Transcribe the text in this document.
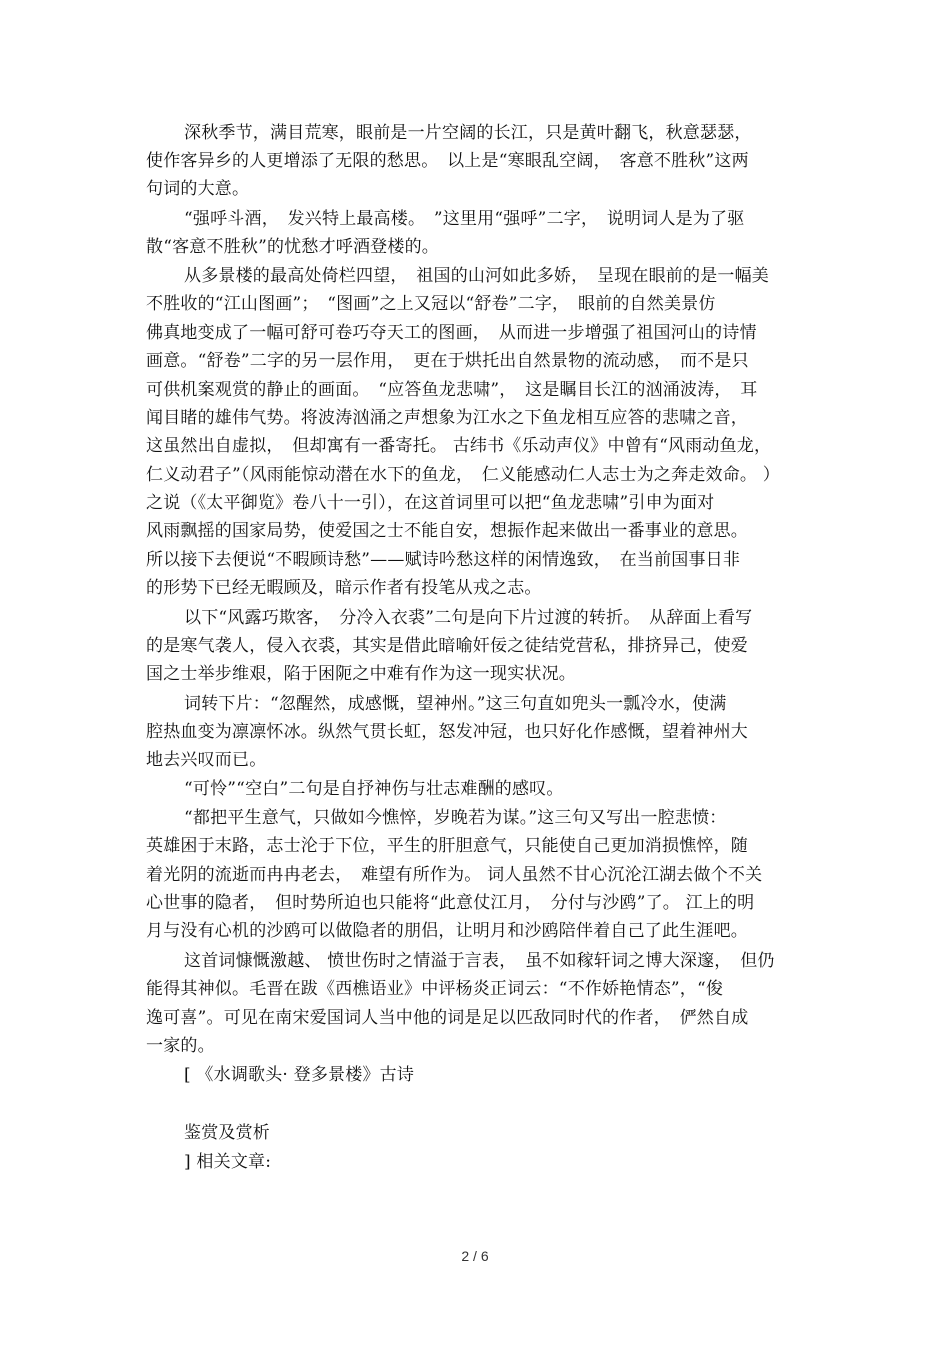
深秋季节，满目荒寒，眼前是一片空阔的长江，只是黄叶翻飞，秋意瑟瑟，
使作客异乡的人更增添了无限的愁思。　以上是“寒眼乱空阔，　客意不胜秋”这两
句词的大意。
“强呼斗酒，　发兴特上最高楼。　”这里用“强呼”二字，　说明词人是为了驱
散“客意不胜秋”的忧愁才呼酒登楼的。
从多景楼的最高处倚栏四望，　祖国的山河如此多娇，　呈现在眼前的是一幅美
不胜收的“江山图画”；　“图画”之上又冠以“舒卷”二字，　眼前的自然美景仿
佛真地变成了一幅可舒可卷巧夺天工的图画，　从而进一步增强了祖国河山的诗情
画意。“舒卷”二字的另一层作用，　更在于烘托出自然景物的流动感，　而不是只
可供机案观赏的静止的画面。　“应答鱼龙悲啸”，　这是瞩目长江的汹涌波涛，　耳
闻目睹的雄伟气势。将波涛汹涌之声想象为江水之下鱼龙相互应答的悲啸之音，
这虽然出自虚拟，　但却寓有一番寄托。 古纬书《乐动声仪》中曾有“风雨动鱼龙，
仁义动君子”（风雨能惊动潜在水下的鱼龙，　仁义能感动仁人志士为之奔走效命。 ）
之说（《太平御览》卷八十一引），在这首词里可以把“鱼龙悲啸”引申为面对
风雨飘摇的国家局势，使爱国之士不能自安，想振作起来做出一番事业的意思。
所以接下去便说“不暇顾诗愁”——赋诗吟愁这样的闲情逸致，　在当前国事日非
的形势下已经无暇顾及，暗示作者有投笔从戎之志。
以下“风露巧欺客，　分冷入衣裘”二句是向下片过渡的转折。　从辞面上看写
的是寒气袭人，侵入衣裘，其实是借此暗喻奸佞之徒结党营私，排挤异己，使爱
国之士举步维艰，陷于困阨之中难有作为这一现实状况。
词转下片：“忽醒然，成感慨，望神州。”这三句直如兜头一瓢冷水，使满
腔热血变为凛凛怀冰。纵然气贯长虹，怒发冲冠，也只好化作感慨，望着神州大
地去兴叹而已。
“可怜”“空白”二句是自抒神伤与壮志难酬的感叹。
“都把平生意气，只做如今憔悴，岁晚若为谋。”这三句又写出一腔悲愤：
英雄困于末路，志士沦于下位，平生的肝胆意气，只能使自己更加消损憔悴，随
着光阴的流逝而冉冉老去，　难望有所作为。 词人虽然不甘心沉沦江湖去做个不关
心世事的隐者，　但时势所迫也只能将“此意仗江月，　分付与沙鸥”了。 江上的明
月与没有心机的沙鸥可以做隐者的朋侣，让明月和沙鸥陪伴着自己了此生涯吧。
这首词慷慨激越、 愤世伤时之情溢于言表，　虽不如稼轩词之博大深邃，　但仍
能得其神似。毛晋在跋《西樵语业》中评杨炎正词云：“不作娇艳情态”，“俊
逸可喜”。可见在南宋爱国词人当中他的词是足以匹敌同时代的作者，　俨然自成
一家的。
[ 《水调歌头· 登多景楼》古诗
鉴赏及赏析
] 相关文章:
2 / 6
